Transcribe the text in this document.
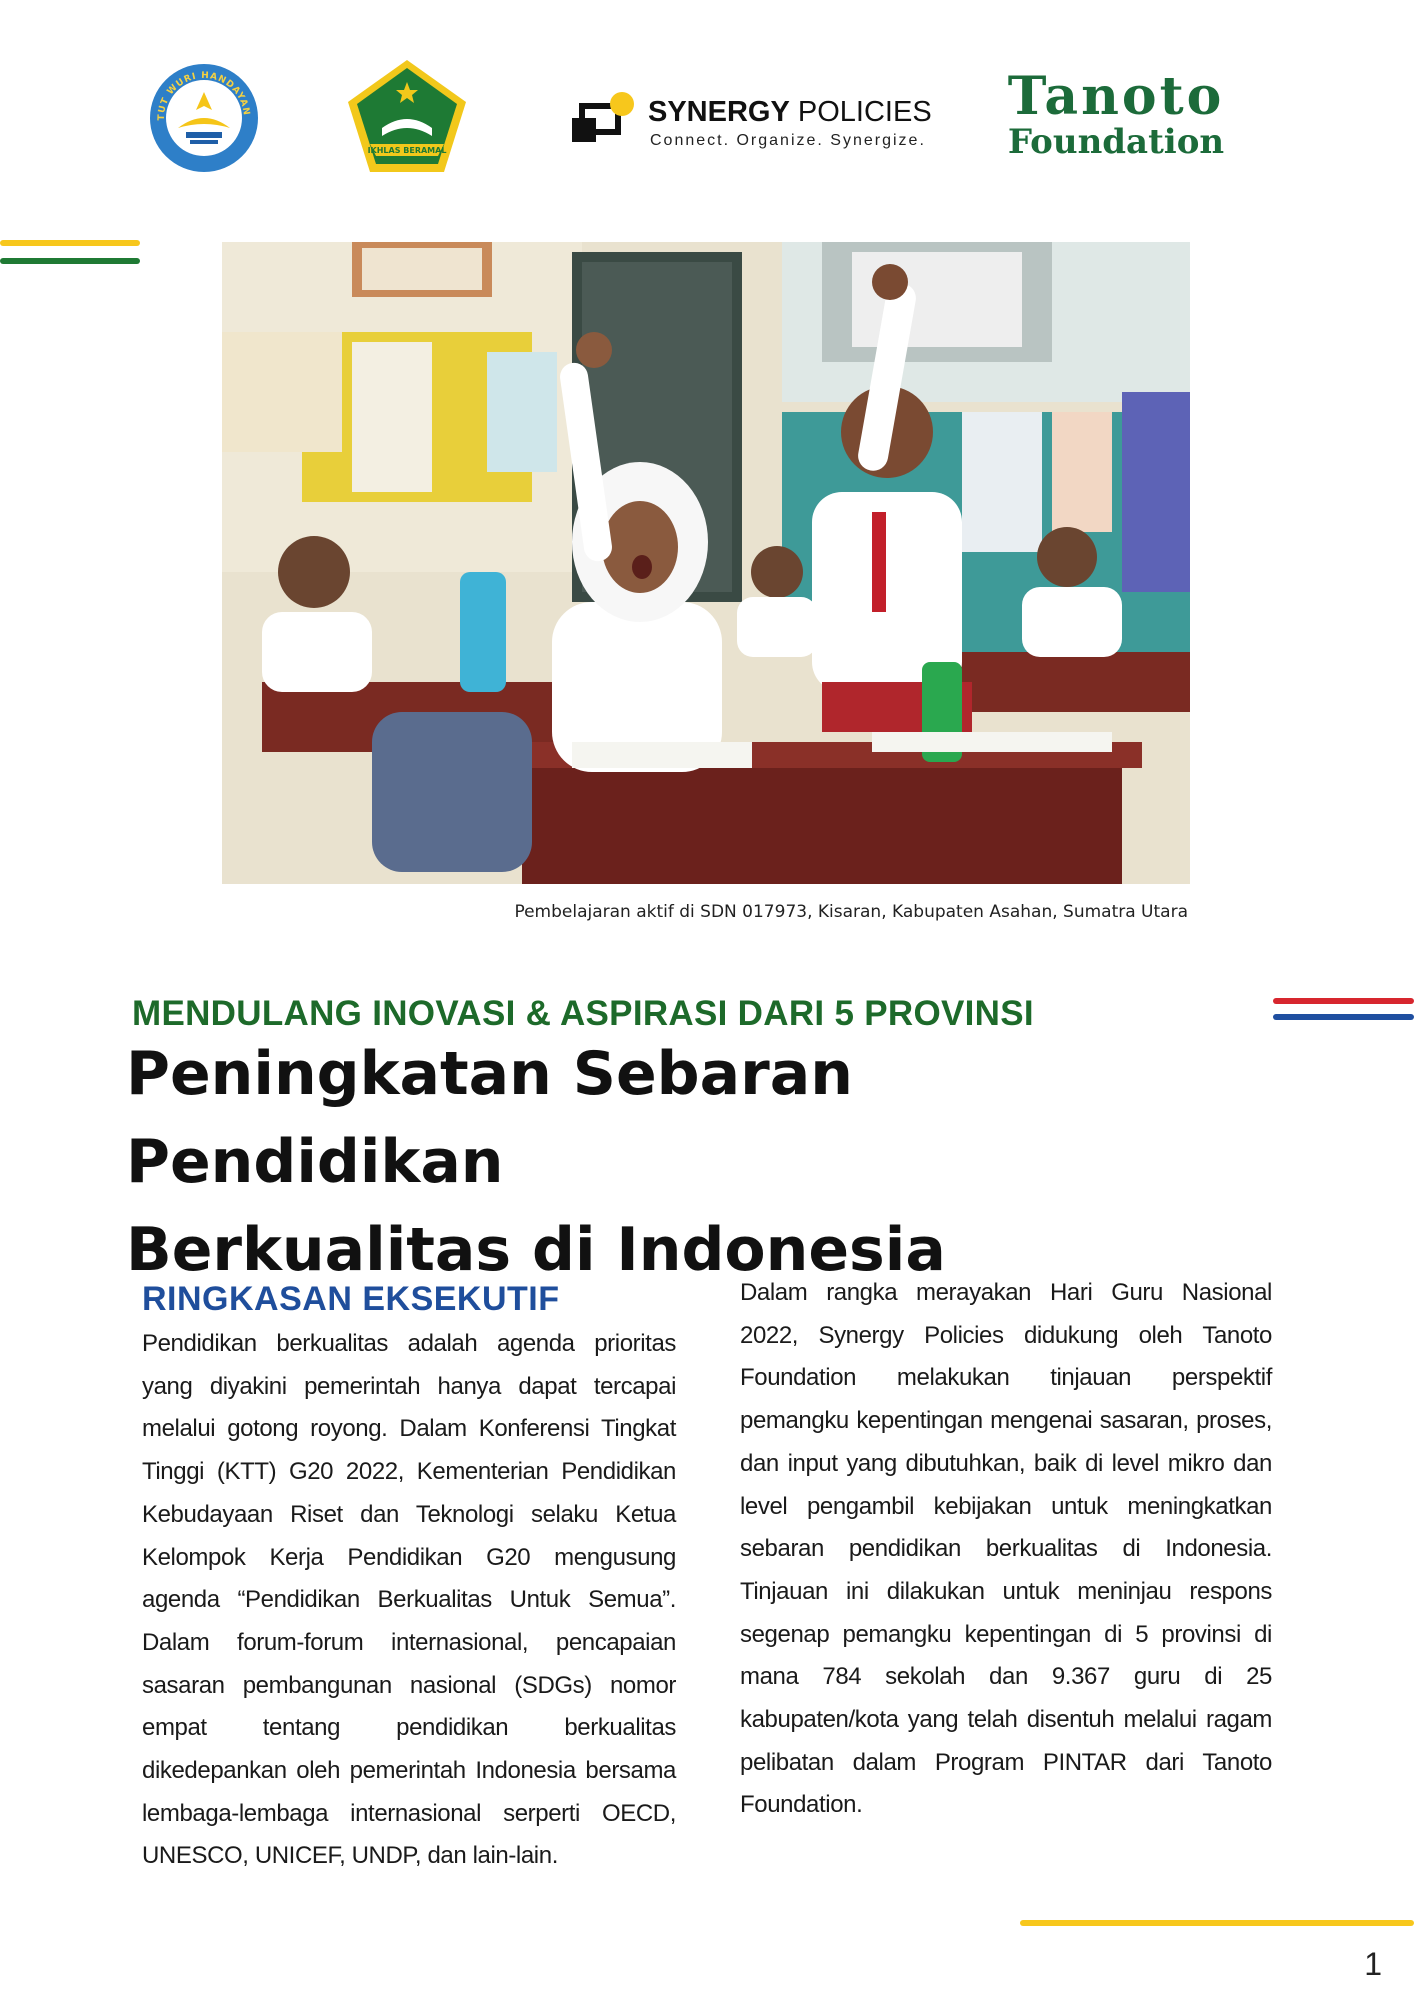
TUT WURI HANDAYAN
IKHLAS BERAMAL
SYNERGY POLICIES
Connect. Organize. Synergize.
Tanoto
Foundation
Pembelajaran aktif di SDN 017973, Kisaran, Kabupaten Asahan, Sumatra Utara
MENDULANG INOVASI & ASPIRASI DARI 5 PROVINSI
Peningkatan Sebaran Pendidikan
Berkualitas di Indonesia
RINGKASAN EKSEKUTIF
Pendidikan berkualitas adalah agenda prioritas yang diyakini pemerintah hanya dapat tercapai melalui gotong royong. Dalam Konferensi Tingkat Tinggi (KTT) G20 2022, Kementerian Pendidikan Kebudayaan Riset dan Teknologi selaku Ketua Kelompok Kerja Pendidikan G20 mengusung agenda “Pendidikan Berkualitas Untuk Semua”. Dalam forum-forum internasional, pencapaian sasaran pembangunan nasional (SDGs) nomor empat tentang pendidikan berkualitas dikedepankan oleh pemerintah Indonesia bersama lembaga-lembaga internasional serperti OECD, UNESCO, UNICEF, UNDP, dan lain-lain.
Dalam rangka merayakan Hari Guru Nasional 2022, Synergy Policies didukung oleh Tanoto Foundation melakukan tinjauan perspektif pemangku kepentingan mengenai sasaran, proses, dan input yang dibutuhkan, baik di level mikro dan level pengambil kebijakan untuk meningkatkan sebaran pendidikan berkualitas di Indonesia. Tinjauan ini dilakukan untuk meninjau respons segenap pemangku kepentingan di 5 provinsi di mana 784 sekolah dan 9.367 guru di 25 kabupaten/kota yang telah disentuh melalui ragam pelibatan dalam Program PINTAR dari Tanoto Foundation.
1
